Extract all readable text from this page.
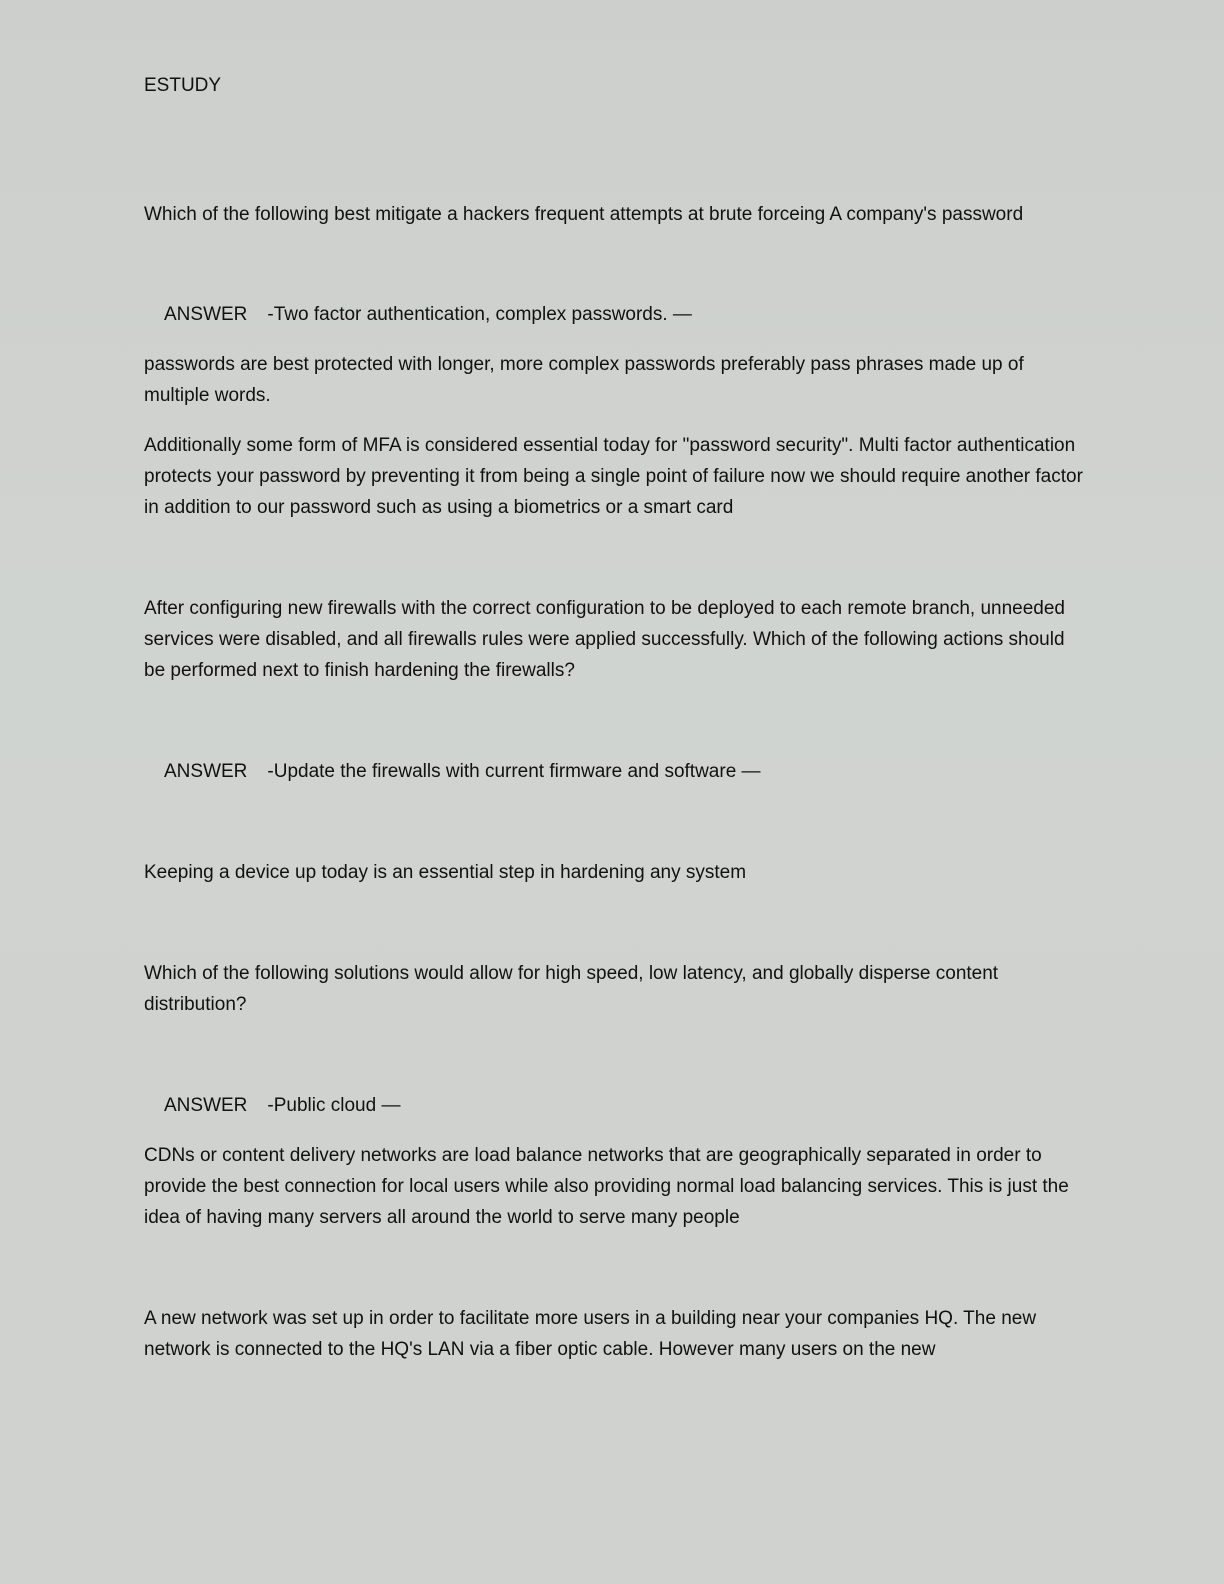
ESTUDY

Which of the following best mitigate a hackers frequent attempts at brute forceing A company's password

ANSWER -Two factor authentication, complex passwords. —

passwords are best protected with longer, more complex passwords preferably pass phrases made up of multiple words.

Additionally some form of MFA is considered essential today for "password security". Multi factor authentication protects your password by preventing it from being a single point of failure now we should require another factor in addition to our password such as using a biometrics or a smart card

After configuring new firewalls with the correct configuration to be deployed to each remote branch, unneeded services were disabled, and all firewalls rules were applied successfully. Which of the following actions should be performed next to finish hardening the firewalls?

ANSWER -Update the firewalls with current firmware and software —

Keeping a device up today is an essential step in hardening any system

Which of the following solutions would allow for high speed, low latency, and globally disperse content distribution?

ANSWER -Public cloud —

CDNs or content delivery networks are load balance networks that are geographically separated in order to provide the best connection for local users while also providing normal load balancing services. This is just the idea of having many servers all around the world to serve many people

A new network was set up in order to facilitate more users in a building near your companies HQ. The new network is connected to the HQ's LAN via a fiber optic cable. However many users on the new
